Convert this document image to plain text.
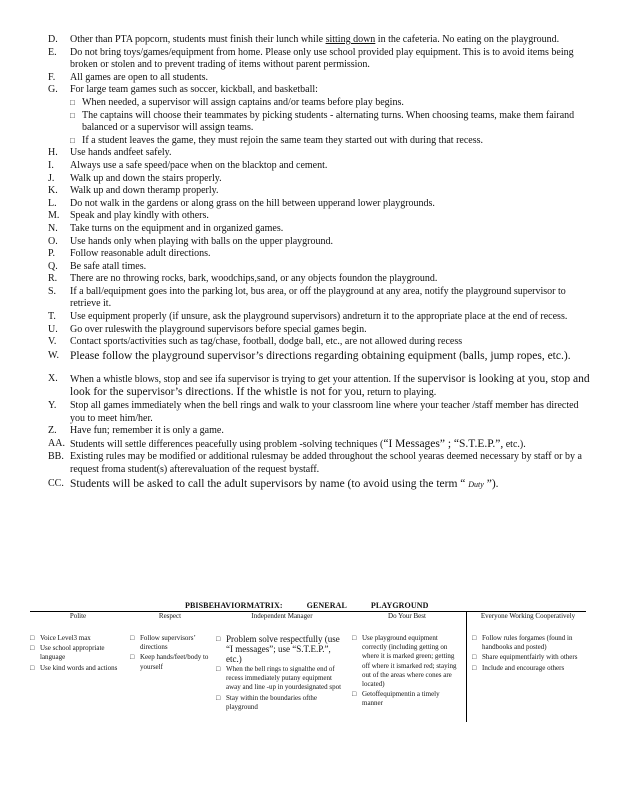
D. Other than PTA popcorn, students must finish their lunch while sitting down in the cafeteria. No eating on the playground.
E. Do not bring toys/games/equipment from home. Please only use school provided play equipment. This is to avoid items being broken or stolen and to prevent trading of items without parent permission.
F. All games are open to all students.
G. For large team games such as soccer, kickball, and basketball:
□ When needed, a supervisor will assign captains and/or teams before play begins.
□ The captains will choose their teammates by picking students - alternating turns. When choosing teams, make them fairand balanced or a supervisor will assign teams.
□ If a student leaves the game, they must rejoin the same team they started out with during that recess.
H. Use hands andfeet safely.
I. Always use a safe speed/pace when on the blacktop and cement.
J. Walk up and down the stairs properly.
K. Walk up and down theramp properly.
L. Do not walk in the gardens or along grass on the hill between upperand lower playgrounds.
M. Speak and play kindly with others.
N. Take turns on the equipment and in organized games.
O. Use hands only when playing with balls on the upper playground.
P. Follow reasonable adult directions.
Q. Be safe atall times.
R. There are no throwing rocks, bark, woodchips,sand, or any objects foundon the playground.
S. If a ball/equipment goes into the parking lot, bus area, or off the playground at any area, notify the playground supervisor to retrieve it.
T. Use equipment properly (if unsure, ask the playground supervisors) andreturn it to the appropriate place at the end of recess.
U. Go over ruleswith the playground supervisors before special games begin.
V. Contact sports/activities such as tag/chase, football, dodge ball, etc., are not allowed during recess
W. Please follow the playground supervisor’s directions regarding obtaining equipment (balls, jump ropes, etc.).
X. When a whistle blows, stop and see ifa supervisor is trying to get your attention. If the supervisor is looking at you, stop and look for the supervisor’s directions. If the whistle is not for you, return to playing.
Y. Stop all games immediately when the bell rings and walk to your classroom line where your teacher /staff member has directed you to meet him/her.
Z. Have fun; remember it is only a game.
AA. Students will settle differences peacefully using problem -solving techniques (“I Messages” ; “S.T.E.P.”, etc.).
BB. Existing rules may be modified or additional rulesmay be added throughout the school yearas deemed necessary by staff or by a request froma student(s) afterevaluation of the request bystaff.
CC. Students will be asked to call the adult supervisors by name (to avoid using the term “ Duty ”).
PBISBEHAVIORMATRIX:	GENERAL	PLAYGROUND
Polite
□ Voice Level3 max
□ Use school appropriate language
□ Use kind words and actions
Respect
□ Follow supervisors’ directions
□ Keep hands/feet/body to yourself
Independent Manager
□ Problem solve respectfully (use “I messages”; use “S.T.E.P.”, etc.)
□ When the bell rings to signalthe end of recess immediately putany equipment away and line -up in yourdesignated spot
□ Stay within the boundaries ofthe playground
Do Your Best
□ Use playground equipment correctly (including getting on where it is marked green; getting off where it ismarked red; staying out of the areas where cones are located)
□ Getoffequipmentin a timely manner
Everyone Working Cooperatively
□ Follow rules forgames (found in handbooks and posted)
□ Share equipmentfairly with others
□ Include and encourage others
